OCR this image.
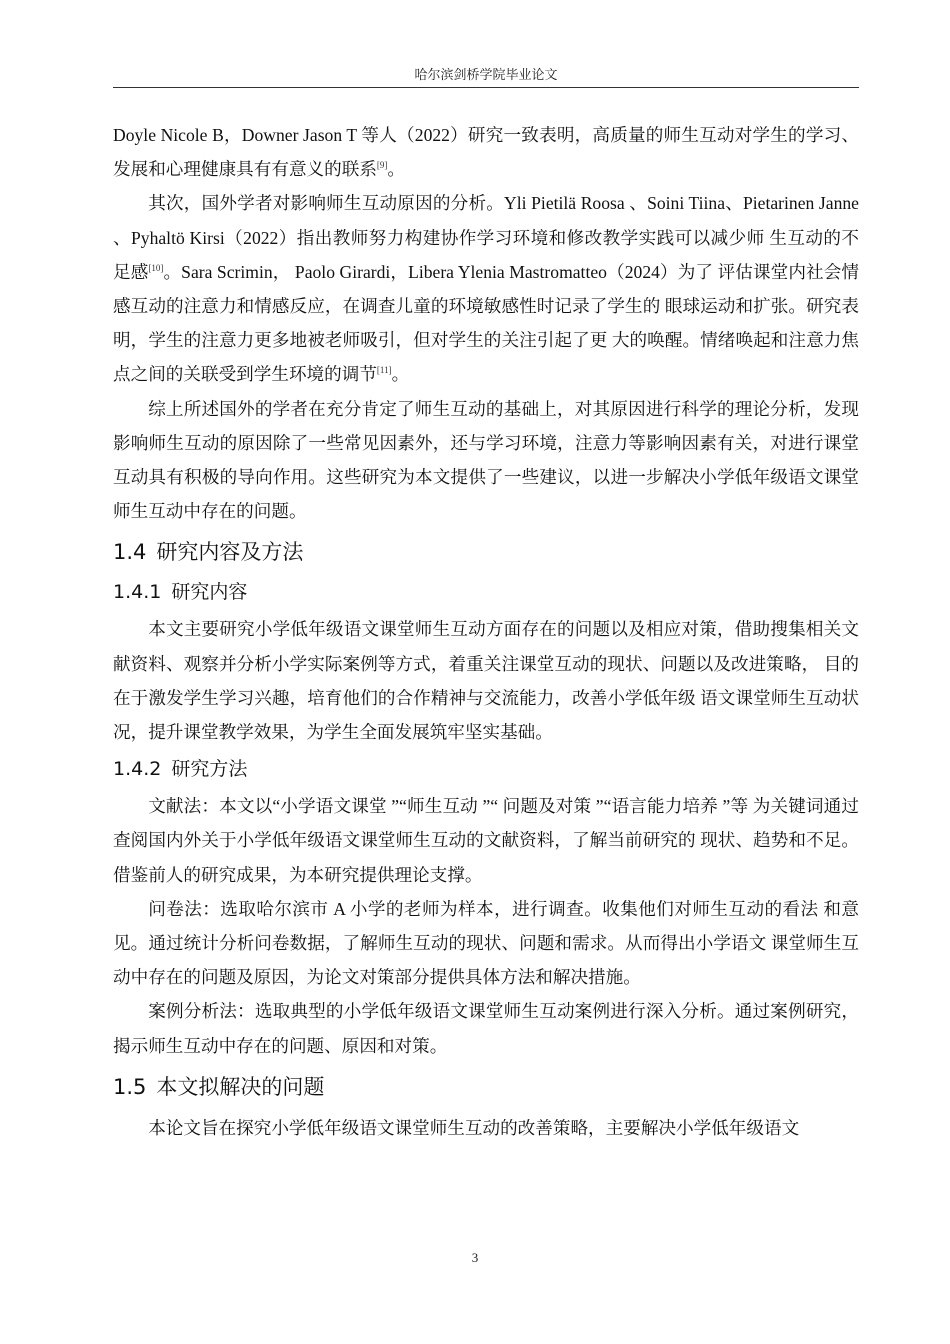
哈尔滨剑桥学院毕业论文

Doyle Nicole B，Downer Jason T 等人（2022）研究一致表明，高质量的师生互动对学生的学习、发展和心理健康具有有意义的联系[9]。

其次，国外学者对影响师生互动原因的分析。Yli Pietilä Roosa 、Soini Tiina、Pietarinen Janne 、Pyhaltö Kirsi（2022）指出教师努力构建协作学习环境和修改教学实践可以减少师 生互动的不足感[10]。Sara Scrimin， Paolo Girardi，Libera Ylenia Mastromatteo（2024）为了 评估课堂内社会情感互动的注意力和情感反应，在调查儿童的环境敏感性时记录了学生的 眼球运动和扩张。研究表明，学生的注意力更多地被老师吸引，但对学生的关注引起了更 大的唤醒。情绪唤起和注意力焦点之间的关联受到学生环境的调节[11]。

综上所述国外的学者在充分肯定了师生互动的基础上，对其原因进行科学的理论分析，发现影响师生互动的原因除了一些常见因素外，还与学习环境，注意力等影响因素有关，对进行课堂互动具有积极的导向作用。这些研究为本文提供了一些建议，以进一步解决小学低年级语文课堂师生互动中存在的问题。

1.4 研究内容及方法
1.4.1 研究内容

本文主要研究小学低年级语文课堂师生互动方面存在的问题以及相应对策，借助搜集相关文献资料、观察并分析小学实际案例等方式，着重关注课堂互动的现状、问题以及改进策略， 目的在于激发学生学习兴趣，培育他们的合作精神与交流能力，改善小学低年级 语文课堂师生互动状况，提升课堂教学效果，为学生全面发展筑牢坚实基础。

1.4.2 研究方法

文献法：本文以“小学语文课堂 ”“师生互动 ”“ 问题及对策 ”“语言能力培养 ”等 为关键词通过查阅国内外关于小学低年级语文课堂师生互动的文献资料，了解当前研究的 现状、趋势和不足。 借鉴前人的研究成果，为本研究提供理论支撑。

问卷法：选取哈尔滨市 A 小学的老师为样本，进行调查。收集他们对师生互动的看法 和意见。通过统计分析问卷数据，了解师生互动的现状、问题和需求。从而得出小学语文 课堂师生互动中存在的问题及原因，为论文对策部分提供具体方法和解决措施。

案例分析法：选取典型的小学低年级语文课堂师生互动案例进行深入分析。通过案例研究，揭示师生互动中存在的问题、原因和对策。

1.5 本文拟解决的问题

本论文旨在探究小学低年级语文课堂师生互动的改善策略，主要解决小学低年级语文

3
